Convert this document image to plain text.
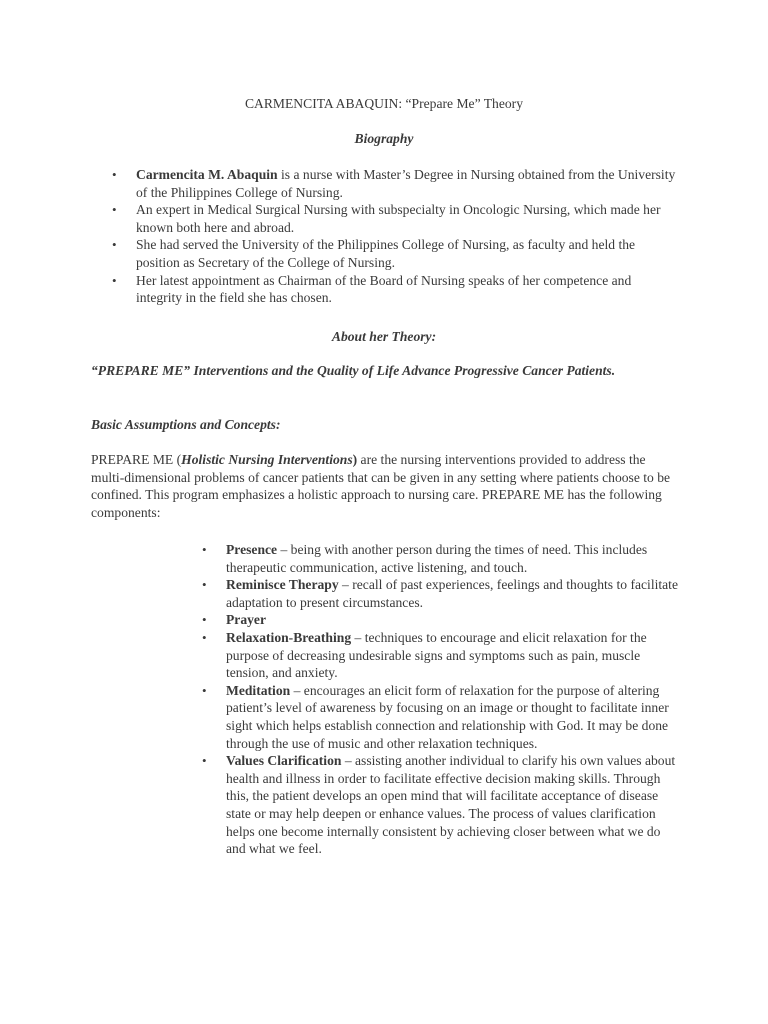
CARMENCITA ABAQUIN: “Prepare Me” Theory
Biography
• Carmencita M. Abaquin is a nurse with Master’s Degree in Nursing obtained from the University of the Philippines College of Nursing.
• An expert in Medical Surgical Nursing with subspecialty in Oncologic Nursing, which made her known both here and abroad.
• She had served the University of the Philippines College of Nursing, as faculty and held the position as Secretary of the College of Nursing.
• Her latest appointment as Chairman of the Board of Nursing speaks of her competence and integrity in the field she has chosen.
About her Theory:
“PREPARE ME” Interventions and the Quality of Life Advance Progressive Cancer Patients.
Basic Assumptions and Concepts:

PREPARE ME (Holistic Nursing Interventions) are the nursing interventions provided to address the multi-dimensional problems of cancer patients that can be given in any setting where patients choose to be confined. This program emphasizes a holistic approach to nursing care. PREPARE ME has the following components:

• Presence – being with another person during the times of need. This includes therapeutic communication, active listening, and touch.
• Reminisce Therapy – recall of past experiences, feelings and thoughts to facilitate adaptation to present circumstances.
• Prayer
• Relaxation-Breathing – techniques to encourage and elicit relaxation for the purpose of decreasing undesirable signs and symptoms such as pain, muscle tension, and anxiety.
• Meditation – encourages an elicit form of relaxation for the purpose of altering patient’s level of awareness by focusing on an image or thought to facilitate inner sight which helps establish connection and relationship with God. It may be done through the use of music and other relaxation techniques.
• Values Clarification – assisting another individual to clarify his own values about health and illness in order to facilitate effective decision making skills. Through this, the patient develops an open mind that will facilitate acceptance of disease state or may help deepen or enhance values. The process of values clarification helps one become internally consistent by achieving closer between what we do and what we feel.
